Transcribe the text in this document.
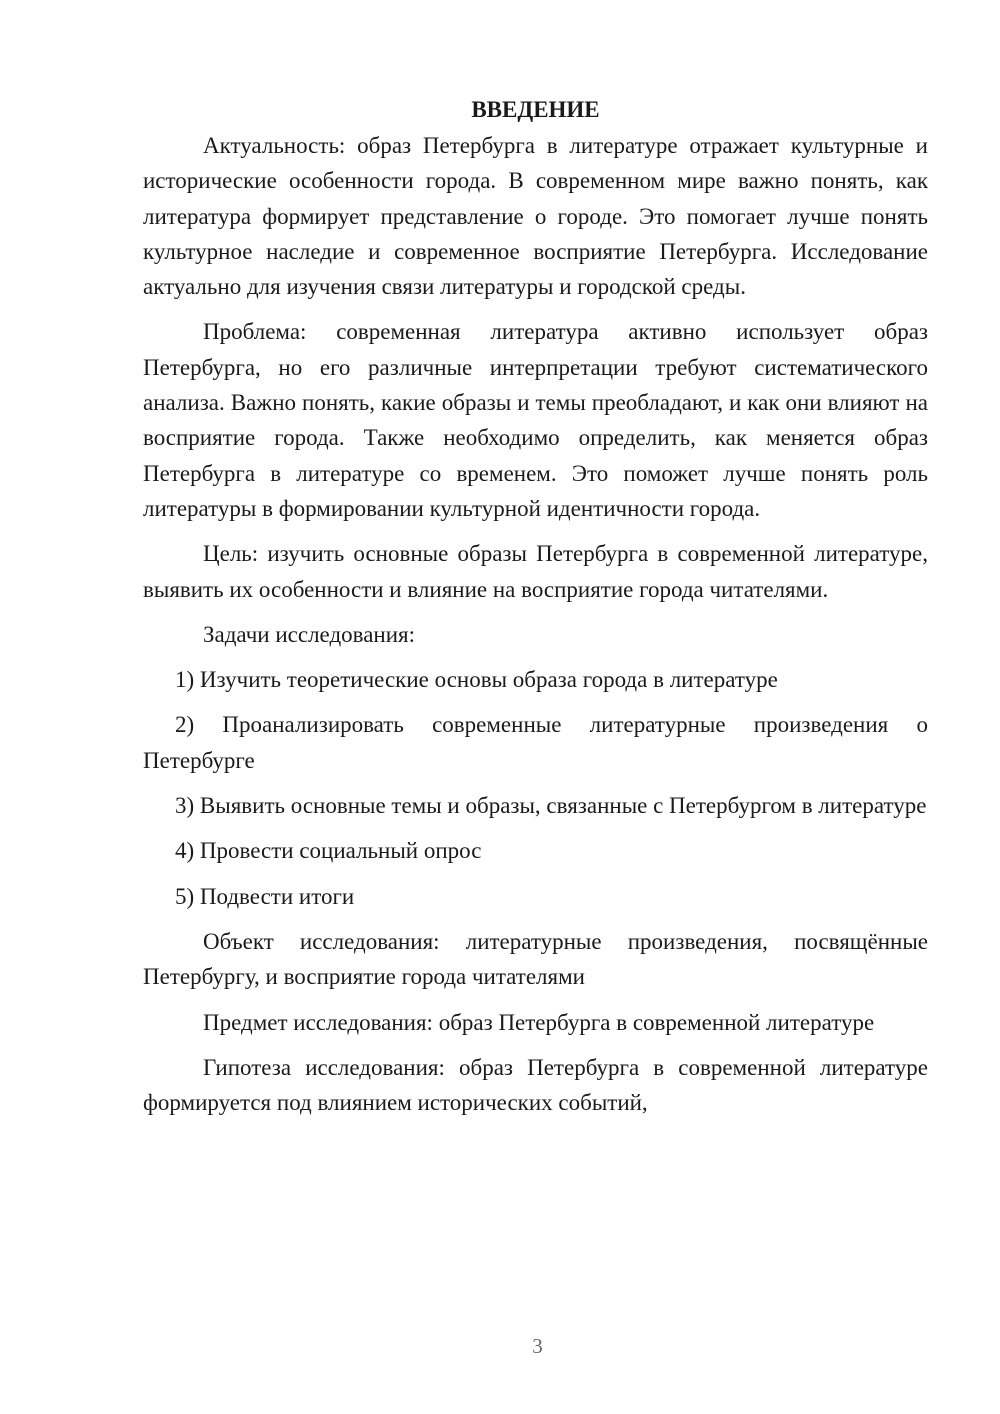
ВВЕДЕНИЕ

Актуальность: образ Петербурга в литературе отражает культурные и исторические особенности города. В современном мире важно понять, как литература формирует представление о городе. Это помогает лучше понять культурное наследие и современное восприятие Петербурга. Исследование актуально для изучения связи литературы и городской среды.

Проблема: современная литература активно использует образ Петербурга, но его различные интерпретации требуют систематического анализа. Важно понять, какие образы и темы преобладают, и как они влияют на восприятие города. Также необходимо определить, как меняется образ Петербурга в литературе со временем. Это поможет лучше понять роль литературы в формировании культурной идентичности города.

Цель: изучить основные образы Петербурга в современной литературе, выявить их особенности и влияние на восприятие города читателями.

Задачи исследования:

1) Изучить теоретические основы образа города в литературе

2) Проанализировать современные литературные произведения о Петербурге

3) Выявить основные темы и образы, связанные с Петербургом в литературе

4) Провести социальный опрос

5) Подвести итоги

Объект исследования: литературные произведения, посвящённые Петербургу, и восприятие города читателями

Предмет исследования: образ Петербурга в современной литературе

Гипотеза исследования: образ Петербурга в современной литературе формируется под влиянием исторических событий,

3
